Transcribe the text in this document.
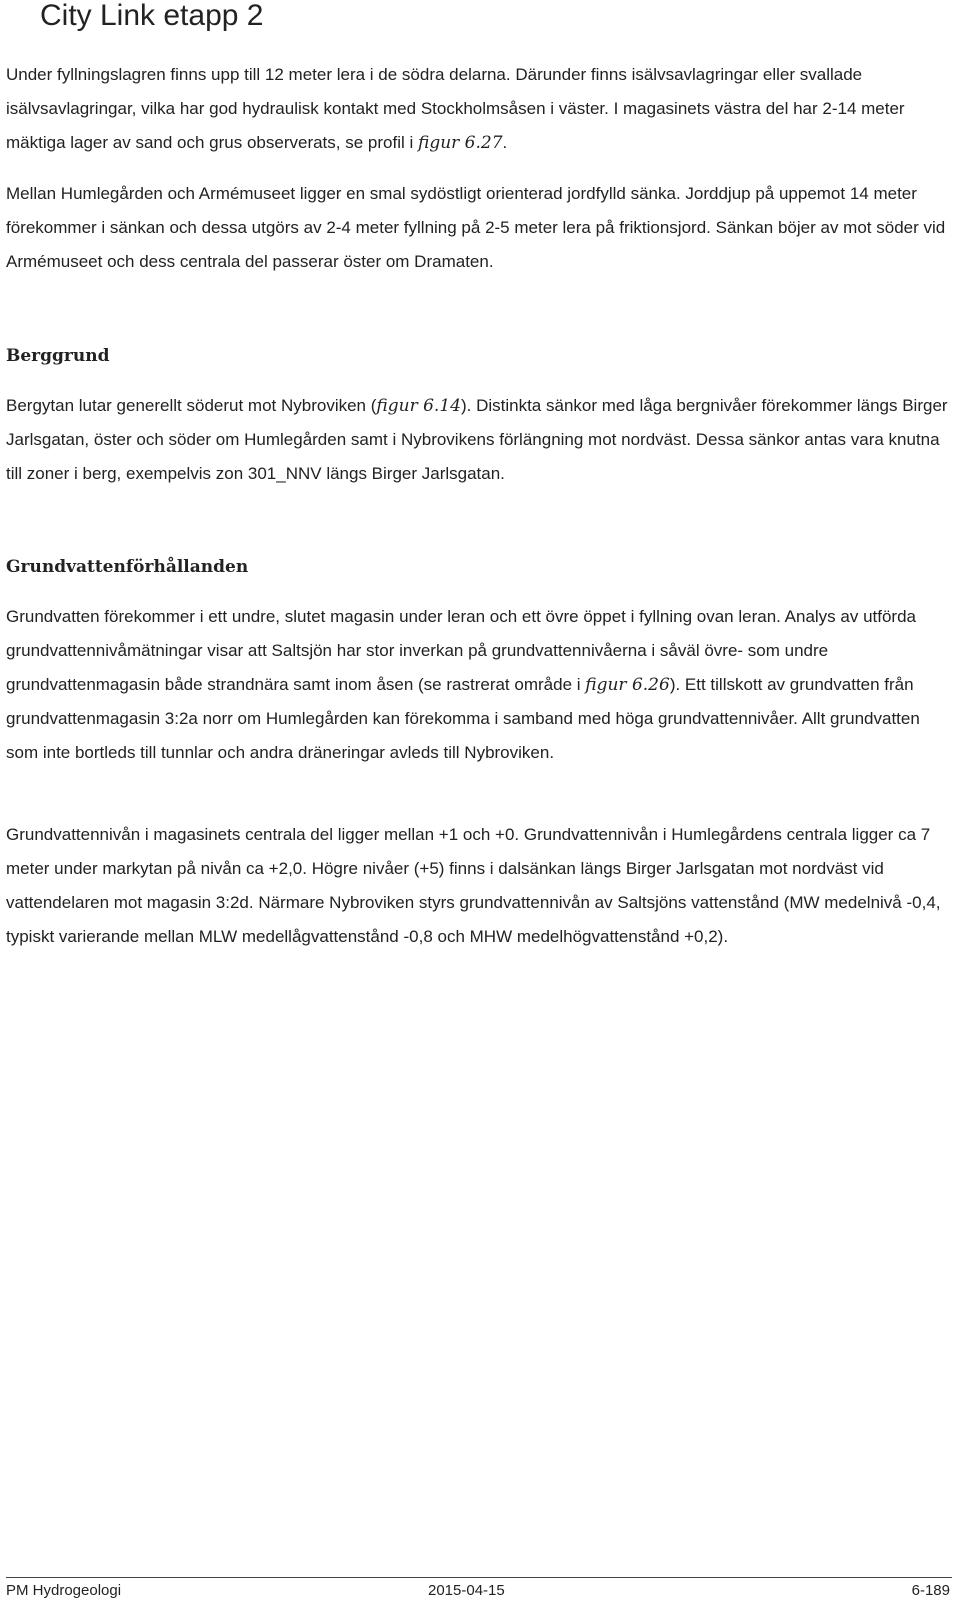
City Link etapp 2

Under fyllningslagren finns upp till 12 meter lera i de södra delarna. Därunder finns isälvsavlagringar eller svallade isälvsavlagringar, vilka har god hydraulisk kontakt med Stockholmsåsen i väster. I magasinets västra del har 2-14 meter mäktiga lager av sand och grus observerats, se profil i figur 6.27.

Mellan Humlegården och Armémuseet ligger en smal sydöstligt orienterad jordfylld sänka. Jorddjup på uppemot 14 meter förekommer i sänkan och dessa utgörs av 2-4 meter fyllning på 2-5 meter lera på friktionsjord. Sänkan böjer av mot söder vid Armémuseet och dess centrala del passerar öster om Dramaten.

Berggrund

Bergytan lutar generellt söderut mot Nybroviken (figur 6.14). Distinkta sänkor med låga bergnivåer förekommer längs Birger Jarlsgatan, öster och söder om Humlegården samt i Nybrovikens förlängning mot nordväst. Dessa sänkor antas vara knutna till zoner i berg, exempelvis zon 301_NNV längs Birger Jarlsgatan.

Grundvattenförhållanden

Grundvatten förekommer i ett undre, slutet magasin under leran och ett övre öppet i fyllning ovan leran. Analys av utförda grundvattennivåmätningar visar att Saltsjön har stor inverkan på grundvattennivåerna i såväl övre- som undre grundvattenmagasin både strandnära samt inom åsen (se rastrerat område i figur 6.26). Ett tillskott av grundvatten från grundvattenmagasin 3:2a norr om Humlegården kan förekomma i samband med höga grundvattennivåer. Allt grundvatten som inte bortleds till tunnlar och andra dräneringar avleds till Nybroviken.

Grundvattennivån i magasinets centrala del ligger mellan +1 och +0. Grundvattennivån i Humlegårdens centrala ligger ca 7 meter under markytan på nivån ca +2,0. Högre nivåer (+5) finns i dalsänkan längs Birger Jarlsgatan mot nordväst vid vattendelaren mot magasin 3:2d. Närmare Nybroviken styrs grundvattennivån av Saltsjöns vattenstånd (MW medelnivå -0,4, typiskt varierande mellan MLW medellågvattenstånd -0,8 och MHW medelhögvattenstånd +0,2).

PM Hydrogeologi	2015-04-15	6-189
